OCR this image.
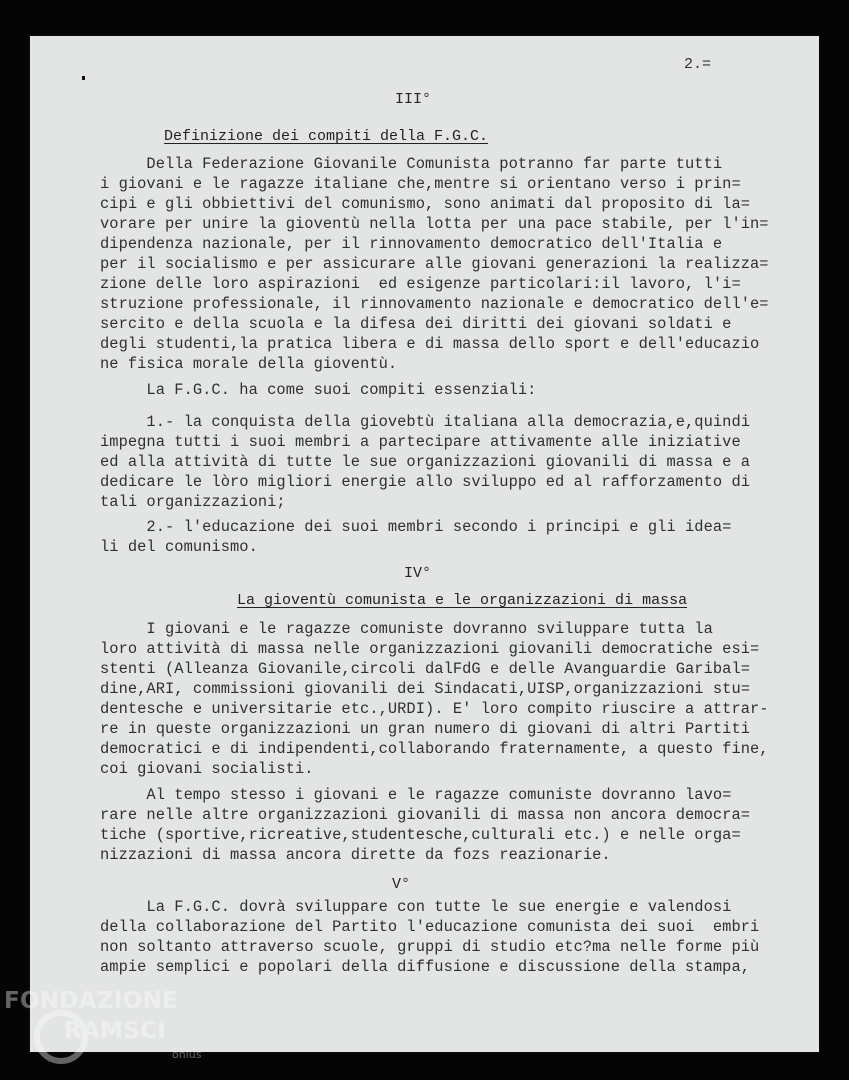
2.=
III°
Definizione dei compiti della F.G.C.
Della Federazione Giovanile Comunista potranno far parte tutti
i giovani e le ragazze italiane che,mentre si orientano verso i prin=
cipi e gli obbiettivi del comunismo, sono animati dal proposito di la=
vorare per unire la gioventù nella lotta per una pace stabile, per l'in=
dipendenza nazionale, per il rinnovamento democratico dell'Italia e
per il socialismo e per assicurare alle giovani generazioni la realizza=
zione delle loro aspirazioni  ed esigenze particolari:il lavoro, l'i=
struzione professionale, il rinnovamento nazionale e democratico dell'e=
sercito e della scuola e la difesa dei diritti dei giovani soldati e
degli studenti,la pratica libera e di massa dello sport e dell'educazio
ne fisica morale della gioventù.
La F.G.C. ha come suoi compiti essenziali:
1.- la conquista della giovebtù italiana alla democrazia,e,quindi
impegna tutti i suoi membri a partecipare attivamente alle iniziative
ed alla attività di tutte le sue organizzazioni giovanili di massa e a
dedicare le lòro migliori energie allo sviluppo ed al rafforzamento di
tali organizzazioni;
2.- l'educazione dei suoi membri secondo i principi e gli idea=
li del comunismo.
IV°
La gioventù comunista e le organizzazioni di massa
I giovani e le ragazze comuniste dovranno sviluppare tutta la
loro attività di massa nelle organizzazioni giovanili democratiche esi=
stenti (Alleanza Giovanile,circoli dalFdG e delle Avanguardie Garibal=
dine,ARI, commissioni giovanili dei Sindacati,UISP,organizzazioni stu=
dentesche e universitarie etc.,URDI). E' loro compito riuscire a attrar-
re in queste organizzazioni un gran numero di giovani di altri Partiti
democratici e di indipendenti,collaborando fraternamente, a questo fine,
coi giovani socialisti.
Al tempo stesso i giovani e le ragazze comuniste dovranno lavo=
rare nelle altre organizzazioni giovanili di massa non ancora democra=
tiche (sportive,ricreative,studentesche,culturali etc.) e nelle orga=
nizzazioni di massa ancora dirette da fozs reazionarie.
V°
La F.G.C. dovrà sviluppare con tutte le sue energie e valendosi
della collaborazione del Partito l'educazione comunista dei suoi  embri
non soltanto attraverso scuole, gruppi di studio etc?ma nelle forme più
ampie semplici e popolari della diffusione e discussione della stampa,
FONDAZIONE
RAMSCI
onlus
